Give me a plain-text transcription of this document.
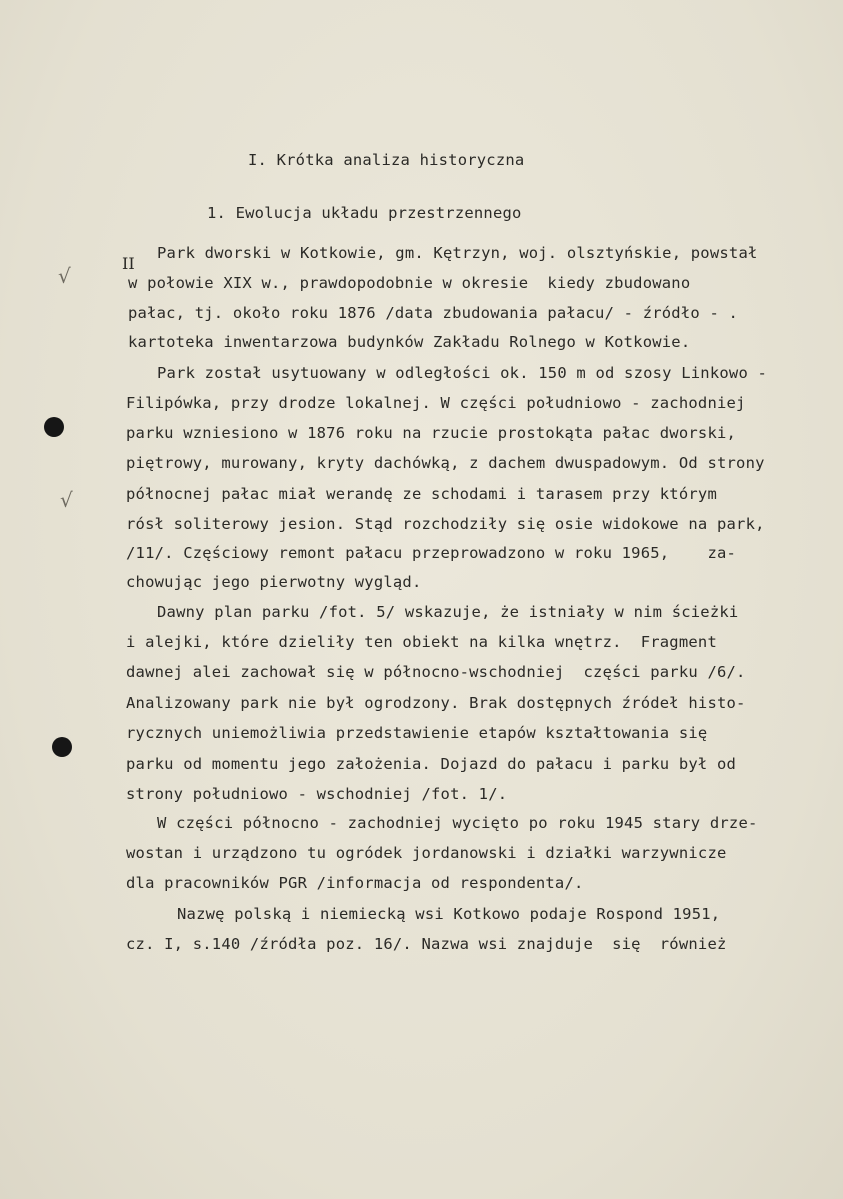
√
√
II
I. Krótka analiza historyczna
1. Ewolucja układu przestrzennego
Park dworski w Kotkowie, gm. Kętrzyn, woj. olsztyńskie, powstał
w połowie XIX w., prawdopodobnie w okresie  kiedy zbudowano
pałac, tj. około roku 1876 /data zbudowania pałacu/ - źródło - .
kartoteka inwentarzowa budynków Zakładu Rolnego w Kotkowie.
Park został usytuowany w odległości ok. 150 m od szosy Linkowo -
Filipówka, przy drodze lokalnej. W części południowo - zachodniej
parku wzniesiono w 1876 roku na rzucie prostokąta pałac dworski,
piętrowy, murowany, kryty dachówką, z dachem dwuspadowym. Od strony
północnej pałac miał werandę ze schodami i tarasem przy którym
rósł soliterowy jesion. Stąd rozchodziły się osie widokowe na park,
/11/. Częściowy remont pałacu przeprowadzono w roku 1965,    za-
chowując jego pierwotny wygląd.
Dawny plan parku /fot. 5/ wskazuje, że istniały w nim ścieżki
i alejki, które dzieliły ten obiekt na kilka wnętrz.  Fragment
dawnej alei zachował się w północno-wschodniej  części parku /6/.
Analizowany park nie był ogrodzony. Brak dostępnych źródeł histo-
rycznych uniemożliwia przedstawienie etapów kształtowania się
parku od momentu jego założenia. Dojazd do pałacu i parku był od
strony południowo - wschodniej /fot. 1/.
W części północno - zachodniej wycięto po roku 1945 stary drze-
wostan i urządzono tu ogródek jordanowski i działki warzywnicze
dla pracowników PGR /informacja od respondenta/.
Nazwę polską i niemiecką wsi Kotkowo podaje Rospond 1951,
cz. I, s.140 /źródła poz. 16/. Nazwa wsi znajduje  się  również
